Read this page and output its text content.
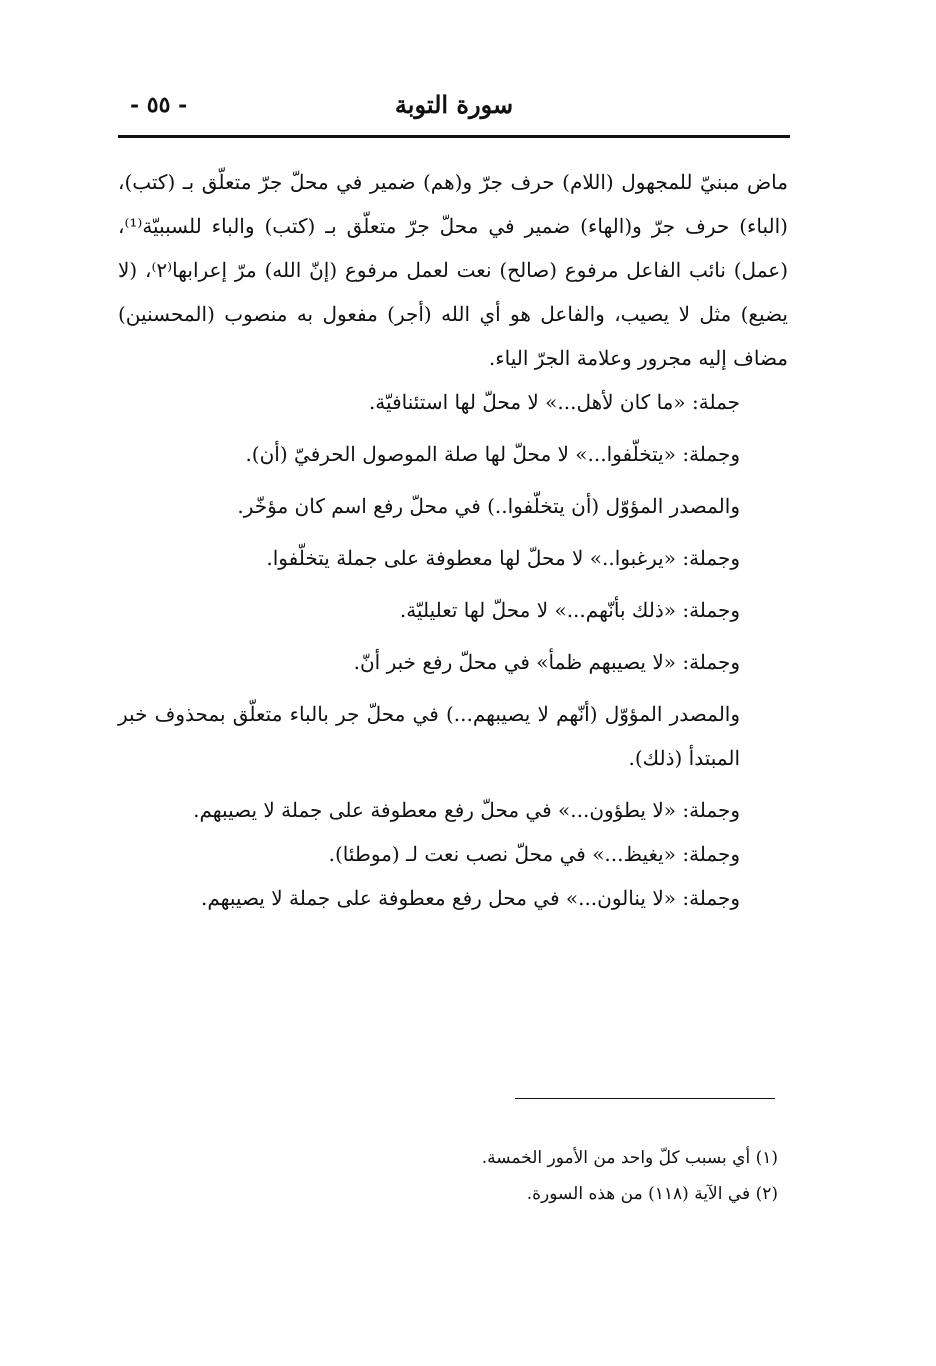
- ٥٥ -	سورة التوبة

ماض مبنيّ للمجهول (اللام) حرف جرّ و(هم) ضمير في محلّ جرّ متعلّق بـ (كتب)، (الباء) حرف جرّ و(الهاء) ضمير في محلّ جرّ متعلّق بـ (كتب) والباء للسببيّة⁽¹⁾، (عمل) نائب الفاعل مرفوع (صالح) نعت لعمل مرفوع (إنّ الله) مرّ إعرابها⁽٢⁾، (لا يضيع) مثل لا يصيب، والفاعل هو أي الله (أجر) مفعول به منصوب (المحسنين) مضاف إليه مجرور وعلامة الجرّ الياء.

جملة: «ما كان لأهل...» لا محلّ لها استئنافيّة.

وجملة: «يتخلّفوا...» لا محلّ لها صلة الموصول الحرفيّ (أن).

والمصدر المؤوّل (أن يتخلّفوا..) في محلّ رفع اسم كان مؤخّر.

وجملة: «يرغبوا..» لا محلّ لها معطوفة على جملة يتخلّفوا.

وجملة: «ذلك بأنّهم...» لا محلّ لها تعليليّة.

وجملة: «لا يصيبهم ظمأ» في محلّ رفع خبر أنّ.

والمصدر المؤوّل (أنّهم لا يصيبهم...) في محلّ جر بالباء متعلّق بمحذوف خبر المبتدأ (ذلك).

وجملة: «لا يطؤون...» في محلّ رفع معطوفة على جملة لا يصيبهم.

وجملة: «يغيظ...» في محلّ نصب نعت لـ (موطئا).

وجملة: «لا ينالون...» في محل رفع معطوفة على جملة لا يصيبهم.

(١) أي بسبب كلّ واحد من الأمور الخمسة.

(٢) في الآية (١١٨) من هذه السورة.
